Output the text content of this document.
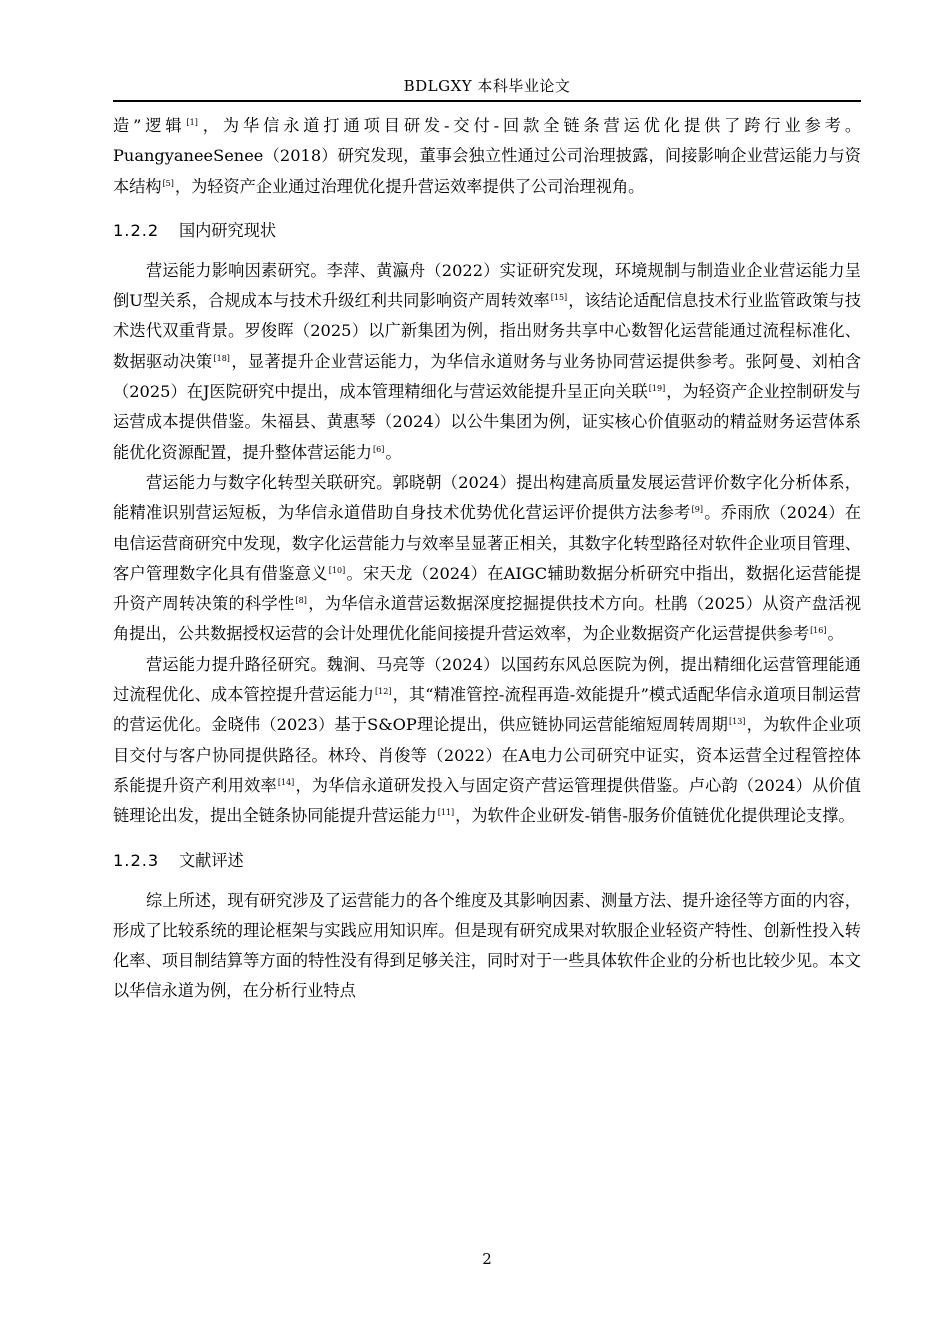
BDLGXY 本科毕业论文

造”逻辑[1]，为华信永道打通项目研发-交付-回款全链条营运优化提供了跨行业参考。PuangyaneeSenee（2018）研究发现，董事会独立性通过公司治理披露，间接影响企业营运能力与资本结构[5]，为轻资产企业通过治理优化提升营运效率提供了公司治理视角。

1.2.2 国内研究现状

营运能力影响因素研究。李萍、黄瀛舟（2022）实证研究发现，环境规制与制造业企业营运能力呈倒U型关系，合规成本与技术升级红利共同影响资产周转效率[15]，该结论适配信息技术行业监管政策与技术迭代双重背景。罗俊晖（2025）以广新集团为例，指出财务共享中心数智化运营能通过流程标准化、数据驱动决策[18]，显著提升企业营运能力，为华信永道财务与业务协同营运提供参考。张阿曼、刘柏含（2025）在J医院研究中提出，成本管理精细化与营运效能提升呈正向关联[19]，为轻资产企业控制研发与运营成本提供借鉴。朱福县、黄惠琴（2024）以公牛集团为例，证实核心价值驱动的精益财务运营体系能优化资源配置，提升整体营运能力[6]。

营运能力与数字化转型关联研究。郭晓朝（2024）提出构建高质量发展运营评价数字化分析体系，能精准识别营运短板，为华信永道借助自身技术优势优化营运评价提供方法参考[9]。乔雨欣（2024）在电信运营商研究中发现，数字化运营能力与效率呈显著正相关，其数字化转型路径对软件企业项目管理、客户管理数字化具有借鉴意义[10]。宋天龙（2024）在AIGC辅助数据分析研究中指出，数据化运营能提升资产周转决策的科学性[8]，为华信永道营运数据深度挖掘提供技术方向。杜鹃（2025）从资产盘活视角提出，公共数据授权运营的会计处理优化能间接提升营运效率，为企业数据资产化运营提供参考[16]。

营运能力提升路径研究。魏涧、马亮等（2024）以国药东风总医院为例，提出精细化运营管理能通过流程优化、成本管控提升营运能力[12]，其“精准管控-流程再造-效能提升”模式适配华信永道项目制运营的营运优化。金晓伟（2023）基于S&OP理论提出，供应链协同运营能缩短周转周期[13]，为软件企业项目交付与客户协同提供路径。林玲、肖俊等（2022）在A电力公司研究中证实，资本运营全过程管控体系能提升资产利用效率[14]，为华信永道研发投入与固定资产营运管理提供借鉴。卢心韵（2024）从价值链理论出发，提出全链条协同能提升营运能力[11]，为软件企业研发-销售-服务价值链优化提供理论支撑。

1.2.3 文献评述

综上所述，现有研究涉及了运营能力的各个维度及其影响因素、测量方法、提升途径等方面的内容，形成了比较系统的理论框架与实践应用知识库。但是现有研究成果对软服企业轻资产特性、创新性投入转化率、项目制结算等方面的特性没有得到足够关注，同时对于一些具体软件企业的分析也比较少见。本文以华信永道为例，在分析行业特点

2
